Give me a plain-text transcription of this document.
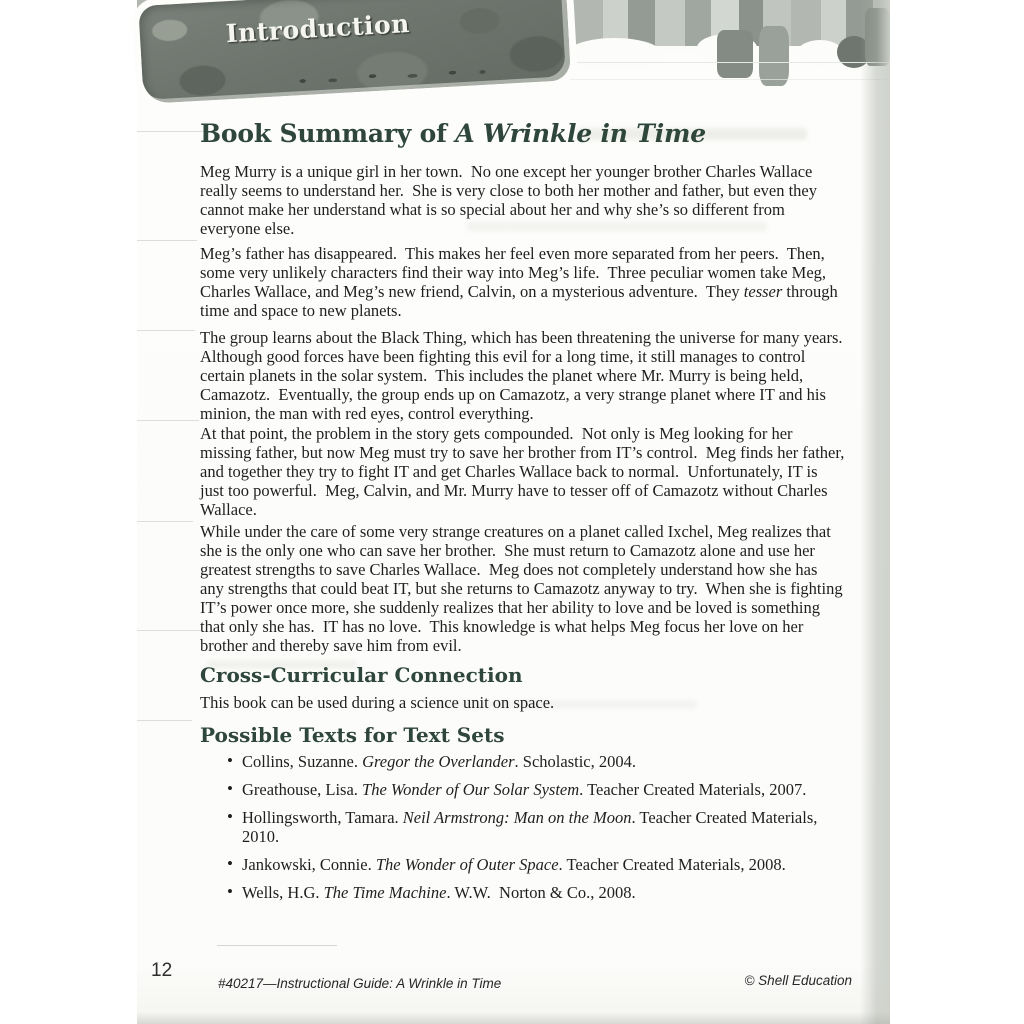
Introduction
Book Summary of A Wrinkle in Time

Meg Murry is a unique girl in her town.  No one except her younger brother Charles Wallace really seems to understand her.  She is very close to both her mother and father, but even they cannot make her understand what is so special about her and why she’s so different from everyone else.

Meg’s father has disappeared.  This makes her feel even more separated from her peers.  Then, some very unlikely characters find their way into Meg’s life.  Three peculiar women take Meg, Charles Wallace, and Meg’s new friend, Calvin, on a mysterious adventure.  They tesser through time and space to new planets.

The group learns about the Black Thing, which has been threatening the universe for many years.  Although good forces have been fighting this evil for a long time, it still manages to control certain planets in the solar system.  This includes the planet where Mr. Murry is being held, Camazotz.  Eventually, the group ends up on Camazotz, a very strange planet where IT and his minion, the man with red eyes, control everything.

At that point, the problem in the story gets compounded.  Not only is Meg looking for her missing father, but now Meg must try to save her brother from IT’s control.  Meg finds her father, and together they try to fight IT and get Charles Wallace back to normal.  Unfortunately, IT is just too powerful.  Meg, Calvin, and Mr. Murry have to tesser off of Camazotz without Charles Wallace.

While under the care of some very strange creatures on a planet called Ixchel, Meg realizes that she is the only one who can save her brother.  She must return to Camazotz alone and use her greatest strengths to save Charles Wallace.  Meg does not completely understand how she has any strengths that could beat IT, but she returns to Camazotz anyway to try.  When she is fighting IT’s power once more, she suddenly realizes that her ability to love and be loved is something that only she has.  IT has no love.  This knowledge is what helps Meg focus her love on her brother and thereby save him from evil.

Cross-Curricular Connection

This book can be used during a science unit on space.

Possible Texts for Text Sets
• Collins, Suzanne. Gregor the Overlander. Scholastic, 2004.
• Greathouse, Lisa. The Wonder of Our Solar System. Teacher Created Materials, 2007.
• Hollingsworth, Tamara. Neil Armstrong: Man on the Moon. Teacher Created Materials, 2010.
• Jankowski, Connie. The Wonder of Outer Space. Teacher Created Materials, 2008.
• Wells, H.G. The Time Machine. W.W.  Norton & Co., 2008.
12
#40217—Instructional Guide: A Wrinkle in Time	© Shell Education
